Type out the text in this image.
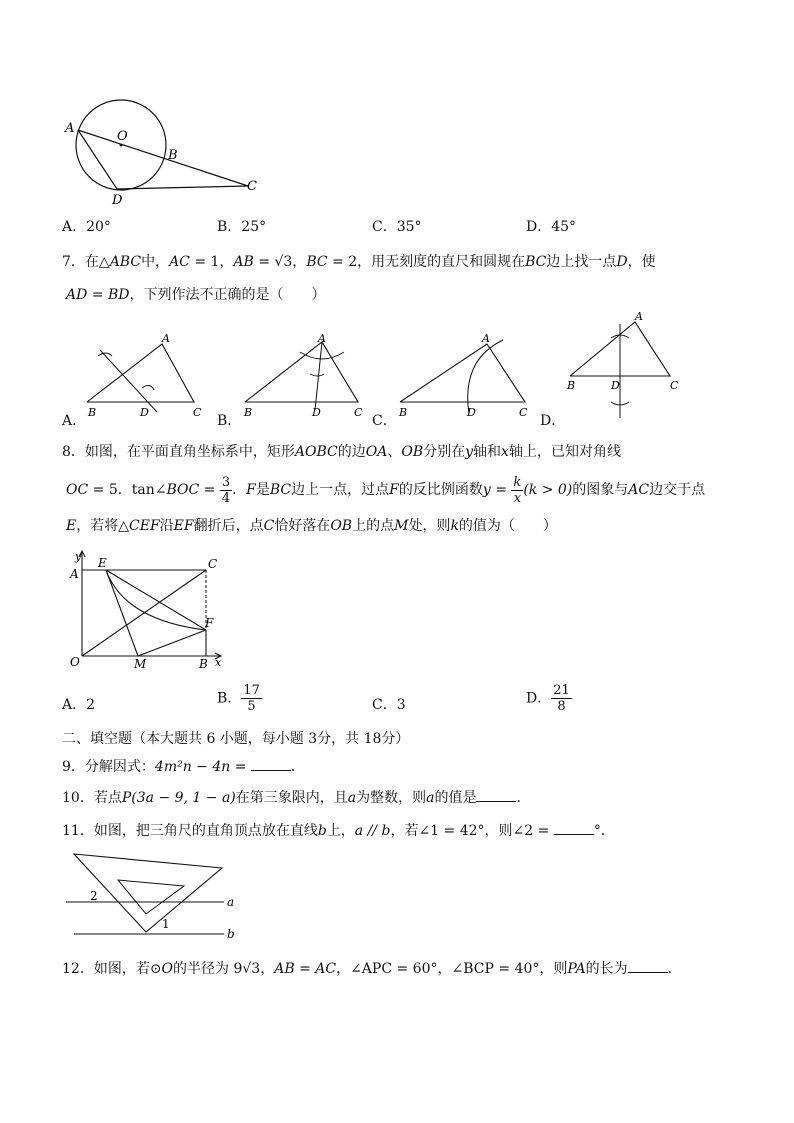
A
O
B
C
D
A．20°	B．25°	C．35°	D．45°
7．在△ABC中，AC = 1，AB = √3，BC = 2，用无刻度的直尺和圆规在BC边上找一点D，使
AD = BD，下列作法不正确的是（　　）
A
B	D	C
A．
A
B	D	C
B．
A
B	D	C
C．
A
B	D	C
D．
8．如图，在平面直角坐标系中，矩形AOBC的边OA、OB分别在y轴和x轴上，已知对角线
OC = 5．tan∠BOC = $\frac{3}{4}$ ．F是BC边上一点，过点F的反比例函数$y = \frac{k}{x} (k > 0)$的图象与AC边交于点
E，若将△CEF沿EF翻折后，点C恰好落在OB上的点M处，则k的值为（　　）
y
A
E	C
F
O	M	B x
A．2	B． $\frac{17}{5}$	C．3	D． $\frac{21}{8}$
二、填空题（本大题共 6 小题，每小题 3分，共 18分）
9．分解因式：4m²n − 4n =	．
10．若点P(3a − 9, 1 − a)在第三象限内，且a为整数，则a的值是	．
11．如图，把三角尺的直角顶点放在直线b上，a // b，若∠1 = 42°，则∠2 =	°．
2
1
a
b
12．如图，若⊙O的半径为 9√3，AB = AC，∠APC = 60°，∠BCP = 40°，则PA的长为	．
